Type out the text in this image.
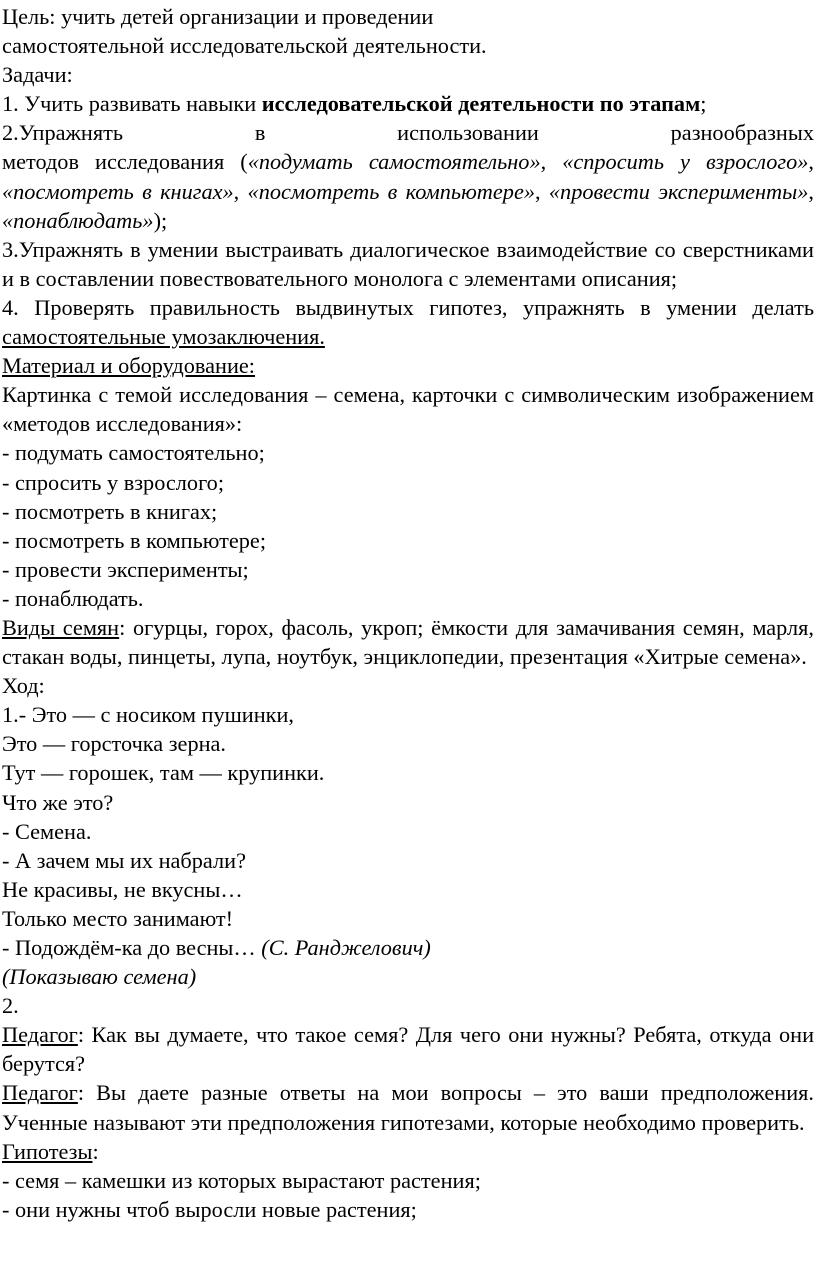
Цель: учить детей организации и проведении

самостоятельной исследовательской деятельности.

Задачи:

1. Учить развивать навыки исследовательской деятельности по этапам;

2.Упражнять в использовании разнообразных

методов исследования («подумать самостоятельно», «спросить у взрослого», «посмотреть в книгах», «посмотреть в компьютере», «провести эксперименты», «понаблюдать»);

3.Упражнять в умении выстраивать диалогическое взаимодействие со сверстниками и в составлении повествовательного монолога с элементами описания;

4. Проверять правильность выдвинутых гипотез, упражнять в умении делать самостоятельные умозаключения.

Материал и оборудование:

Картинка с темой исследования – семена, карточки с символическим изображением «методов исследования»:

- подумать самостоятельно;

- спросить у взрослого;

- посмотреть в книгах;

- посмотреть в компьютере;

- провести эксперименты;

- понаблюдать.

Виды семян: огурцы, горох, фасоль, укроп; ёмкости для замачивания семян, марля, стакан воды, пинцеты, лупа, ноутбук, энциклопедии, презентация «Хитрые семена».

Ход:

1.- Это — с носиком пушинки,

Это — горсточка зерна.

Тут — горошек, там — крупинки.

Что же это?

- Семена.

- А зачем мы их набрали?

Не красивы, не вкусны…

Только место занимают!

- Подождём-ка до весны… (С. Ранджелович)

(Показываю семена)

2.

Педагог: Как вы думаете, что такое семя? Для чего они нужны? Ребята, откуда они берутся?

Педагог: Вы даете разные ответы на мои вопросы – это ваши предположения. Ученные называют эти предположения гипотезами, которые необходимо проверить.

Гипотезы:

- семя – камешки из которых вырастают растения;

- они нужны чтоб выросли новые растения;
